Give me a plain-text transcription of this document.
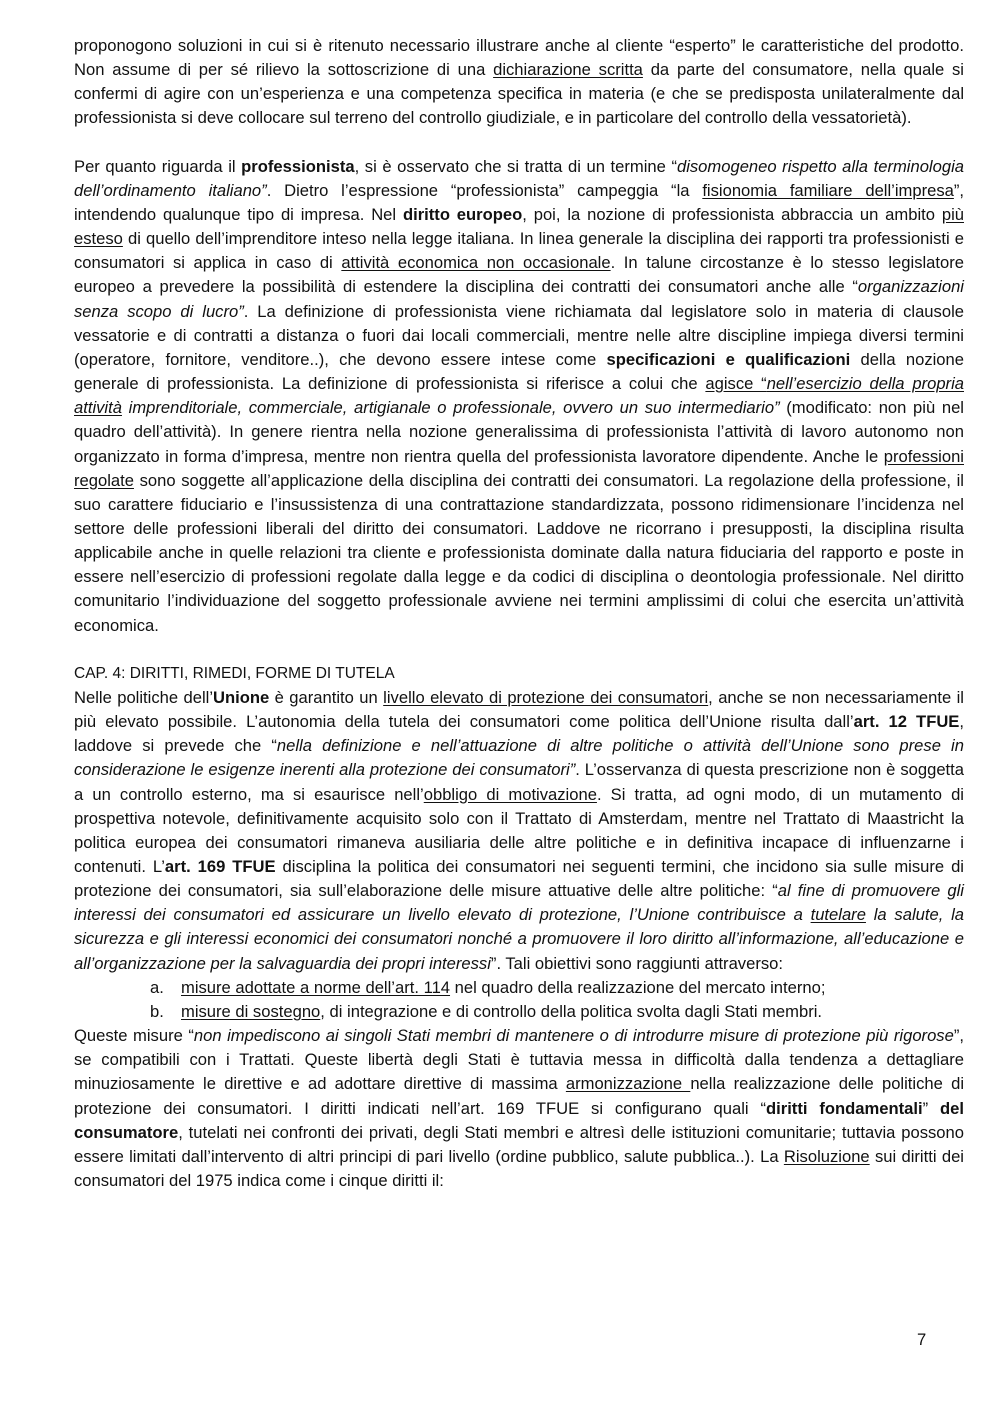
proponogono soluzioni in cui si è ritenuto necessario illustrare anche al cliente “esperto” le caratteristiche del prodotto. Non assume di per sé rilievo la sottoscrizione di una dichiarazione scritta da parte del consumatore, nella quale si confermi di agire con un’esperienza e una competenza specifica in materia (e che se predisposta unilateralmente dal professionista si deve collocare sul terreno del controllo giudiziale, e in particolare del controllo della vessatorietà).

Per quanto riguarda il professionista, si è osservato che si tratta di un termine “disomogeneo rispetto alla terminologia dell’ordinamento italiano”. Dietro l’espressione “professionista” campeggia “la fisionomia familiare dell’impresa”, intendendo qualunque tipo di impresa. Nel diritto europeo, poi, la nozione di professionista abbraccia un ambito più esteso di quello dell’imprenditore inteso nella legge italiana. In linea generale la disciplina dei rapporti tra professionisti e consumatori si applica in caso di attività economica non occasionale. In talune circostanze è lo stesso legislatore europeo a prevedere la possibilità di estendere la disciplina dei contratti dei consumatori anche alle “organizzazioni senza scopo di lucro”. La definizione di professionista viene richiamata dal legislatore solo in materia di clausole vessatorie e di contratti a distanza o fuori dai locali commerciali, mentre nelle altre discipline impiega diversi termini (operatore, fornitore, venditore..), che devono essere intese come specificazioni e qualificazioni della nozione generale di professionista. La definizione di professionista si riferisce a colui che agisce “nell’esercizio della propria attività imprenditoriale, commerciale, artigianale o professionale, ovvero un suo intermediario” (modificato: non più nel quadro dell’attività). In genere rientra nella nozione generalissima di professionista l’attività di lavoro autonomo non organizzato in forma d’impresa, mentre non rientra quella del professionista lavoratore dipendente. Anche le professioni regolate sono soggette all’applicazione della disciplina dei contratti dei consumatori. La regolazione della professione, il suo carattere fiduciario e l’insussistenza di una contrattazione standardizzata, possono ridimensionare l’incidenza nel settore delle professioni liberali del diritto dei consumatori. Laddove ne ricorrano i presupposti, la disciplina risulta applicabile anche in quelle relazioni tra cliente e professionista dominate dalla natura fiduciaria del rapporto e poste in essere nell’esercizio di professioni regolate dalla legge e da codici di disciplina o deontologia professionale. Nel diritto comunitario l’individuazione del soggetto professionale avviene nei termini amplissimi di colui che esercita un’attività economica.

CAP. 4: DIRITTI, RIMEDI, FORME DI TUTELA

Nelle politiche dell’Unione è garantito un livello elevato di protezione dei consumatori, anche se non necessariamente il più elevato possibile. L’autonomia della tutela dei consumatori come politica dell’Unione risulta dall’art. 12 TFUE, laddove si prevede che “nella definizione e nell’attuazione di altre politiche o attività dell’Unione sono prese in considerazione le esigenze inerenti alla protezione dei consumatori”. L’osservanza di questa prescrizione non è soggetta a un controllo esterno, ma si esaurisce nell’obbligo di motivazione. Si tratta, ad ogni modo, di un mutamento di prospettiva notevole, definitivamente acquisito solo con il Trattato di Amsterdam, mentre nel Trattato di Maastricht la politica europea dei consumatori rimaneva ausiliaria delle altre politiche e in definitiva incapace di influenzarne i contenuti. L’art. 169 TFUE disciplina la politica dei consumatori nei seguenti termini, che incidono sia sulle misure di protezione dei consumatori, sia sull’elaborazione delle misure attuative delle altre politiche: “al fine di promuovere gli interessi dei consumatori ed assicurare un livello elevato di protezione, l’Unione contribuisce a tutelare la salute, la sicurezza e gli interessi economici dei consumatori nonché a promuovere il loro diritto all’informazione, all’educazione e all’organizzazione per la salvaguardia dei propri interessi”. Tali obiettivi sono raggiunti attraverso:

a. misure adottate a norme dell’art. 114 nel quadro della realizzazione del mercato interno;
b. misure di sostegno, di integrazione e di controllo della politica svolta dagli Stati membri.

Queste misure “non impediscono ai singoli Stati membri di mantenere o di introdurre misure di protezione più rigorose”, se compatibili con i Trattati. Queste libertà degli Stati è tuttavia messa in difficoltà dalla tendenza a dettagliare minuziosamente le direttive e ad adottare direttive di massima armonizzazione nella realizzazione delle politiche di protezione dei consumatori. I diritti indicati nell’art. 169 TFUE si configurano quali “diritti fondamentali” del consumatore, tutelati nei confronti dei privati, degli Stati membri e altresì delle istituzioni comunitarie; tuttavia possono essere limitati dall’intervento di altri principi di pari livello (ordine pubblico, salute pubblica..). La Risoluzione sui diritti dei consumatori del 1975 indica come i cinque diritti il:

7
